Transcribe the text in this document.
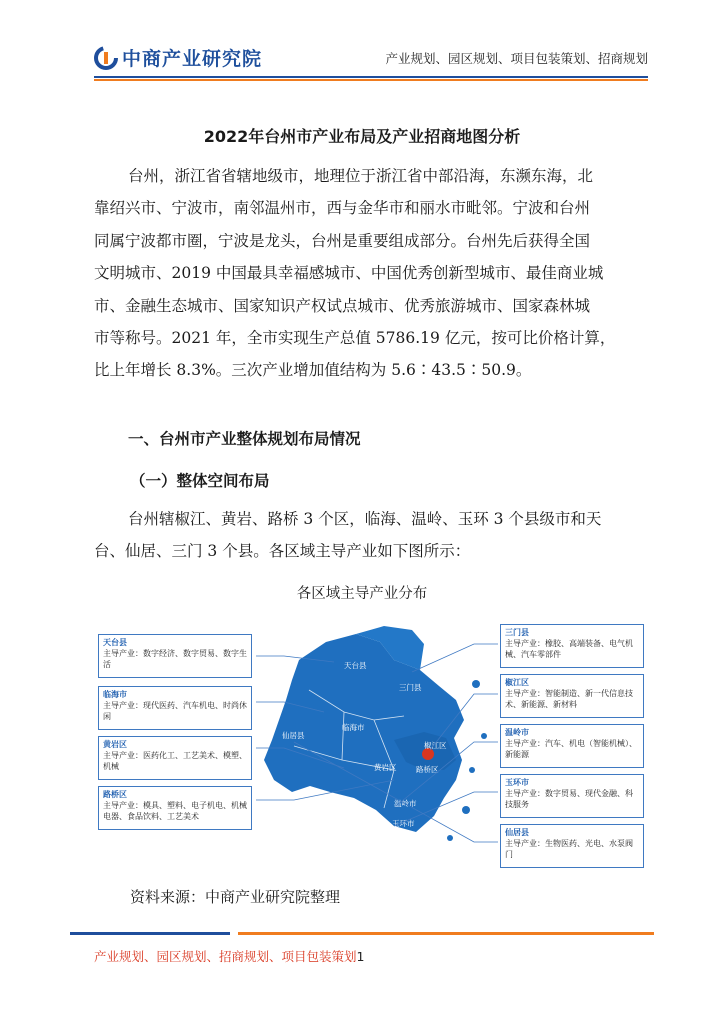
中商产业研究院	产业规划、园区规划、项目包装策划、招商规划
2022年台州市产业布局及产业招商地图分析
台州，浙江省省辖地级市，地理位于浙江省中部沿海，东濒东海，北
靠绍兴市、宁波市，南邻温州市，西与金华市和丽水市毗邻。宁波和台州
同属宁波都市圈，宁波是龙头，台州是重要组成部分。台州先后获得全国
文明城市、2019 中国最具幸福感城市、中国优秀创新型城市、最佳商业城
市、金融生态城市、国家知识产权试点城市、优秀旅游城市、国家森林城
市等称号。2021 年，全市实现生产总值 5786.19 亿元，按可比价格计算，
比上年增长 8.3%。三次产业增加值结构为 5.6∶43.5∶50.9。
一、台州市产业整体规划布局情况
（一）整体空间布局
台州辖椒江、黄岩、路桥 3 个区，临海、温岭、玉环 3 个县级市和天
台、仙居、三门 3 个县。各区域主导产业如下图所示：
各区域主导产业分布
天台县
三门县
仙居县
临海市
黄岩区
椒江区
路桥区
温岭市
玉环市
天台县
主导产业：数字经济、数字贸易、数字生活
临海市
主导产业：现代医药、汽车机电、时尚休闲
黄岩区
主导产业：医药化工、工艺美术、模塑、机械
路桥区
主导产业：模具、塑料、电子机电、机械电器、食品饮料、工艺美术
三门县
主导产业：橡胶、高端装备、电气机械、汽车零部件
椒江区
主导产业：智能制造、新一代信息技术、新能源、新材料
温岭市
主导产业：汽车、机电（智能机械）、新能源
玉环市
主导产业：数字贸易、现代金融、科技服务
仙居县
主导产业：生物医药、光电、水泵阀门
资料来源：中商产业研究院整理
产业规划、园区规划、招商规划、项目包装策划1
